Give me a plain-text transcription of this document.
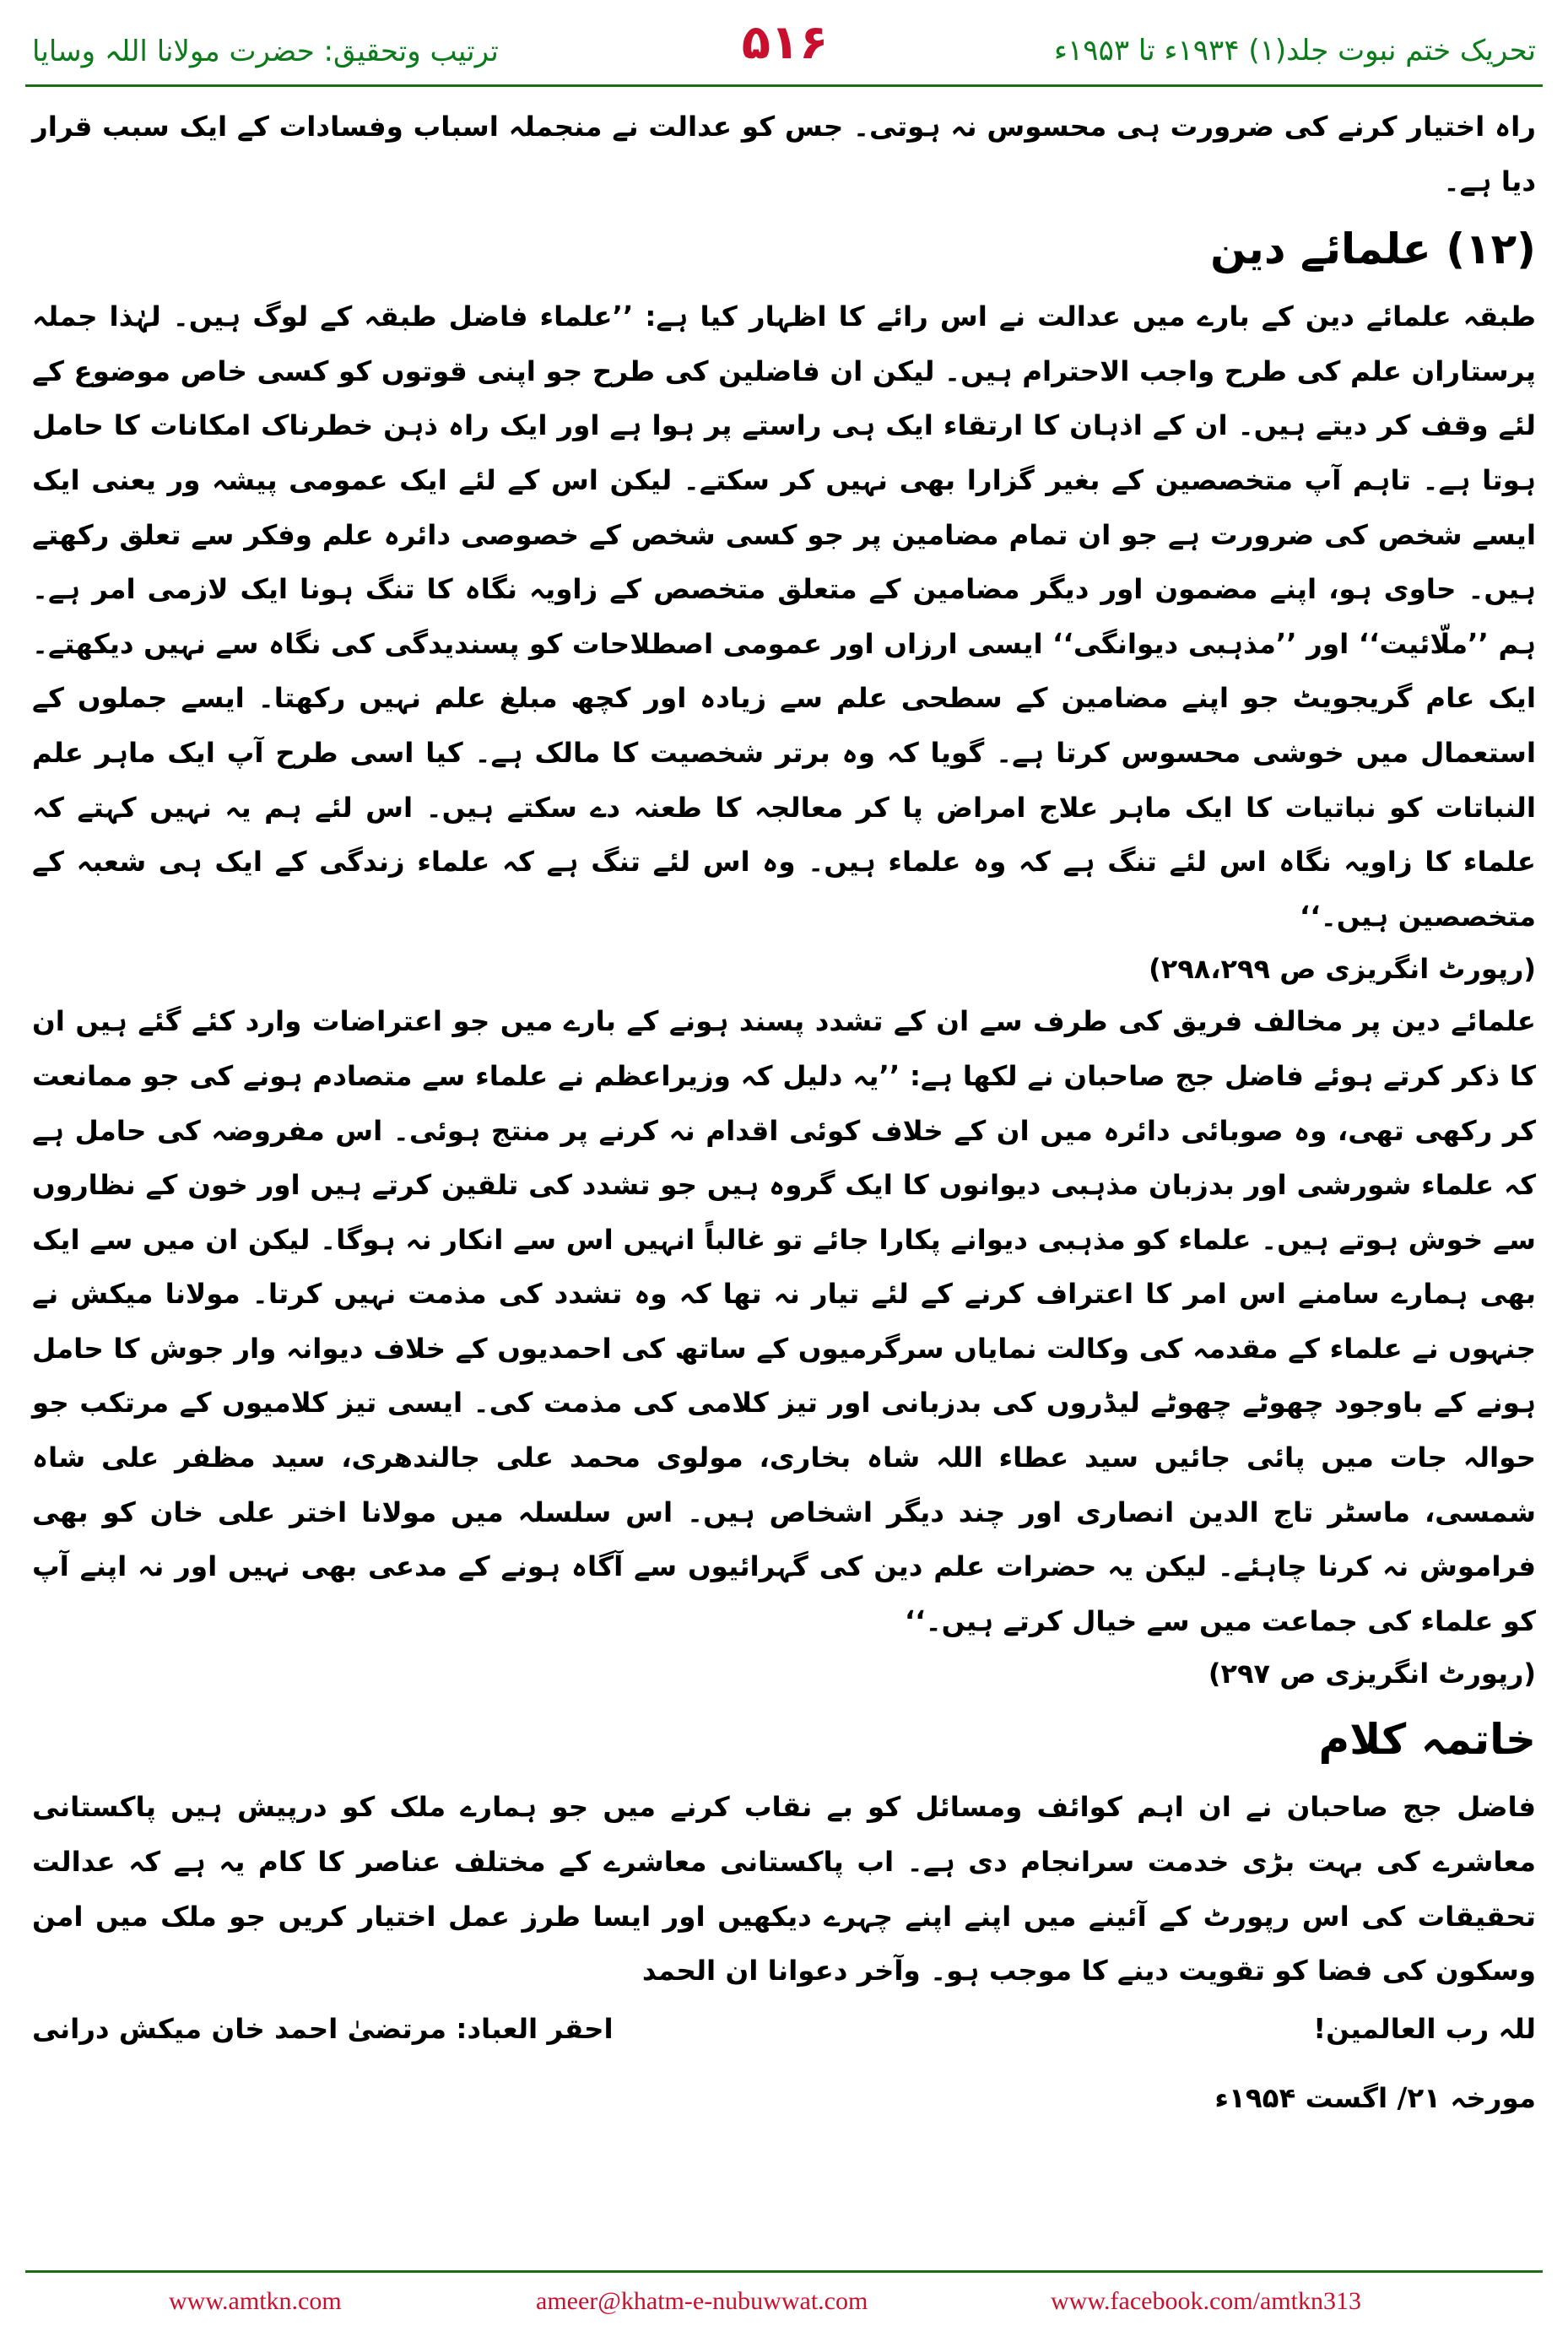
ترتیب وتحقیق: حضرت مولانا اللہ وسایا	۵۱۶	تحریک ختم نبوت جلد(۱) ۱۹۳۴ء تا ۱۹۵۳ء

راہ اختیار کرنے کی ضرورت ہی محسوس نہ ہوتی۔ جس کو عدالت نے منجملہ اسباب وفسادات کے ایک سبب قرار دیا ہے۔

(۱۲) علمائے دین

طبقہ علمائے دین کے بارے میں عدالت نے اس رائے کا اظہار کیا ہے: ’’علماء فاضل طبقہ کے لوگ ہیں۔ لہٰذا جملہ پرستاران علم کی طرح واجب الاحترام ہیں۔ لیکن ان فاضلین کی طرح جو اپنی قوتوں کو کسی خاص موضوع کے لئے وقف کر دیتے ہیں۔ ان کے اذہان کا ارتقاء ایک ہی راستے پر ہوا ہے اور ایک راہ ذہن خطرناک امکانات کا حامل ہوتا ہے۔ تاہم آپ متخصصین کے بغیر گزارا بھی نہیں کر سکتے۔ لیکن اس کے لئے ایک عمومی پیشہ ور یعنی ایک ایسے شخص کی ضرورت ہے جو ان تمام مضامین پر جو کسی شخص کے خصوصی دائرہ علم وفکر سے تعلق رکھتے ہیں۔ حاوی ہو، اپنے مضمون اور دیگر مضامین کے متعلق متخصص کے زاویہ نگاہ کا تنگ ہونا ایک لازمی امر ہے۔ ہم ’’ملّائیت‘‘ اور ’’مذہبی دیوانگی‘‘ ایسی ارزاں اور عمومی اصطلاحات کو پسندیدگی کی نگاہ سے نہیں دیکھتے۔ ایک عام گریجویٹ جو اپنے مضامین کے سطحی علم سے زیادہ اور کچھ مبلغ علم نہیں رکھتا۔ ایسے جملوں کے استعمال میں خوشی محسوس کرتا ہے۔ گویا کہ وہ برتر شخصیت کا مالک ہے۔ کیا اسی طرح آپ ایک ماہر علم النباتات کو نباتیات کا ایک ماہر علاج امراض پا کر معالجہ کا طعنہ دے سکتے ہیں۔ اس لئے ہم یہ نہیں کہتے کہ علماء کا زاویہ نگاہ اس لئے تنگ ہے کہ وہ علماء ہیں۔ وہ اس لئے تنگ ہے کہ علماء زندگی کے ایک ہی شعبہ کے متخصصین ہیں۔‘‘

(رپورٹ انگریزی ص ۲۹۸،۲۹۹)

علمائے دین پر مخالف فریق کی طرف سے ان کے تشدد پسند ہونے کے بارے میں جو اعتراضات وارد کئے گئے ہیں ان کا ذکر کرتے ہوئے فاضل جج صاحبان نے لکھا ہے: ’’یہ دلیل کہ وزیراعظم نے علماء سے متصادم ہونے کی جو ممانعت کر رکھی تھی، وہ صوبائی دائرہ میں ان کے خلاف کوئی اقدام نہ کرنے پر منتج ہوئی۔ اس مفروضہ کی حامل ہے کہ علماء شورشی اور بدزبان مذہبی دیوانوں کا ایک گروہ ہیں جو تشدد کی تلقین کرتے ہیں اور خون کے نظاروں سے خوش ہوتے ہیں۔ علماء کو مذہبی دیوانے پکارا جائے تو غالباً انہیں اس سے انکار نہ ہوگا۔ لیکن ان میں سے ایک بھی ہمارے سامنے اس امر کا اعتراف کرنے کے لئے تیار نہ تھا کہ وہ تشدد کی مذمت نہیں کرتا۔ مولانا میکش نے جنہوں نے علماء کے مقدمہ کی وکالت نمایاں سرگرمیوں کے ساتھ کی احمدیوں کے خلاف دیوانہ وار جوش کا حامل ہونے کے باوجود چھوٹے چھوٹے لیڈروں کی بدزبانی اور تیز کلامی کی مذمت کی۔ ایسی تیز کلامیوں کے مرتکب جو حوالہ جات میں پائی جائیں سید عطاء اللہ شاہ بخاری، مولوی محمد علی جالندھری، سید مظفر علی شاہ شمسی، ماسٹر تاج الدین انصاری اور چند دیگر اشخاص ہیں۔ اس سلسلہ میں مولانا اختر علی خان کو بھی فراموش نہ کرنا چاہئے۔ لیکن یہ حضرات علم دین کی گہرائیوں سے آگاہ ہونے کے مدعی بھی نہیں اور نہ اپنے آپ کو علماء کی جماعت میں سے خیال کرتے ہیں۔‘‘

(رپورٹ انگریزی ص ۲۹۷)
خاتمہ کلام

فاضل جج صاحبان نے ان اہم کوائف ومسائل کو بے نقاب کرنے میں جو ہمارے ملک کو درپیش ہیں پاکستانی معاشرے کی بہت بڑی خدمت سرانجام دی ہے۔ اب پاکستانی معاشرے کے مختلف عناصر کا کام یہ ہے کہ عدالت تحقیقات کی اس رپورٹ کے آئینے میں اپنے اپنے چہرے دیکھیں اور ایسا طرز عمل اختیار کریں جو ملک میں امن وسکون کی فضا کو تقویت دینے کا موجب ہو۔ وآخر دعوانا ان الحمد

للہ رب العالمین!
احقر العباد: مرتضیٰ احمد خان میکش درانی
مورخہ ۲۱/ اگست ۱۹۵۴ء
www.amtkn.com	ameer@khatm-e-nubuwwat.com	www.facebook.com/amtkn313
